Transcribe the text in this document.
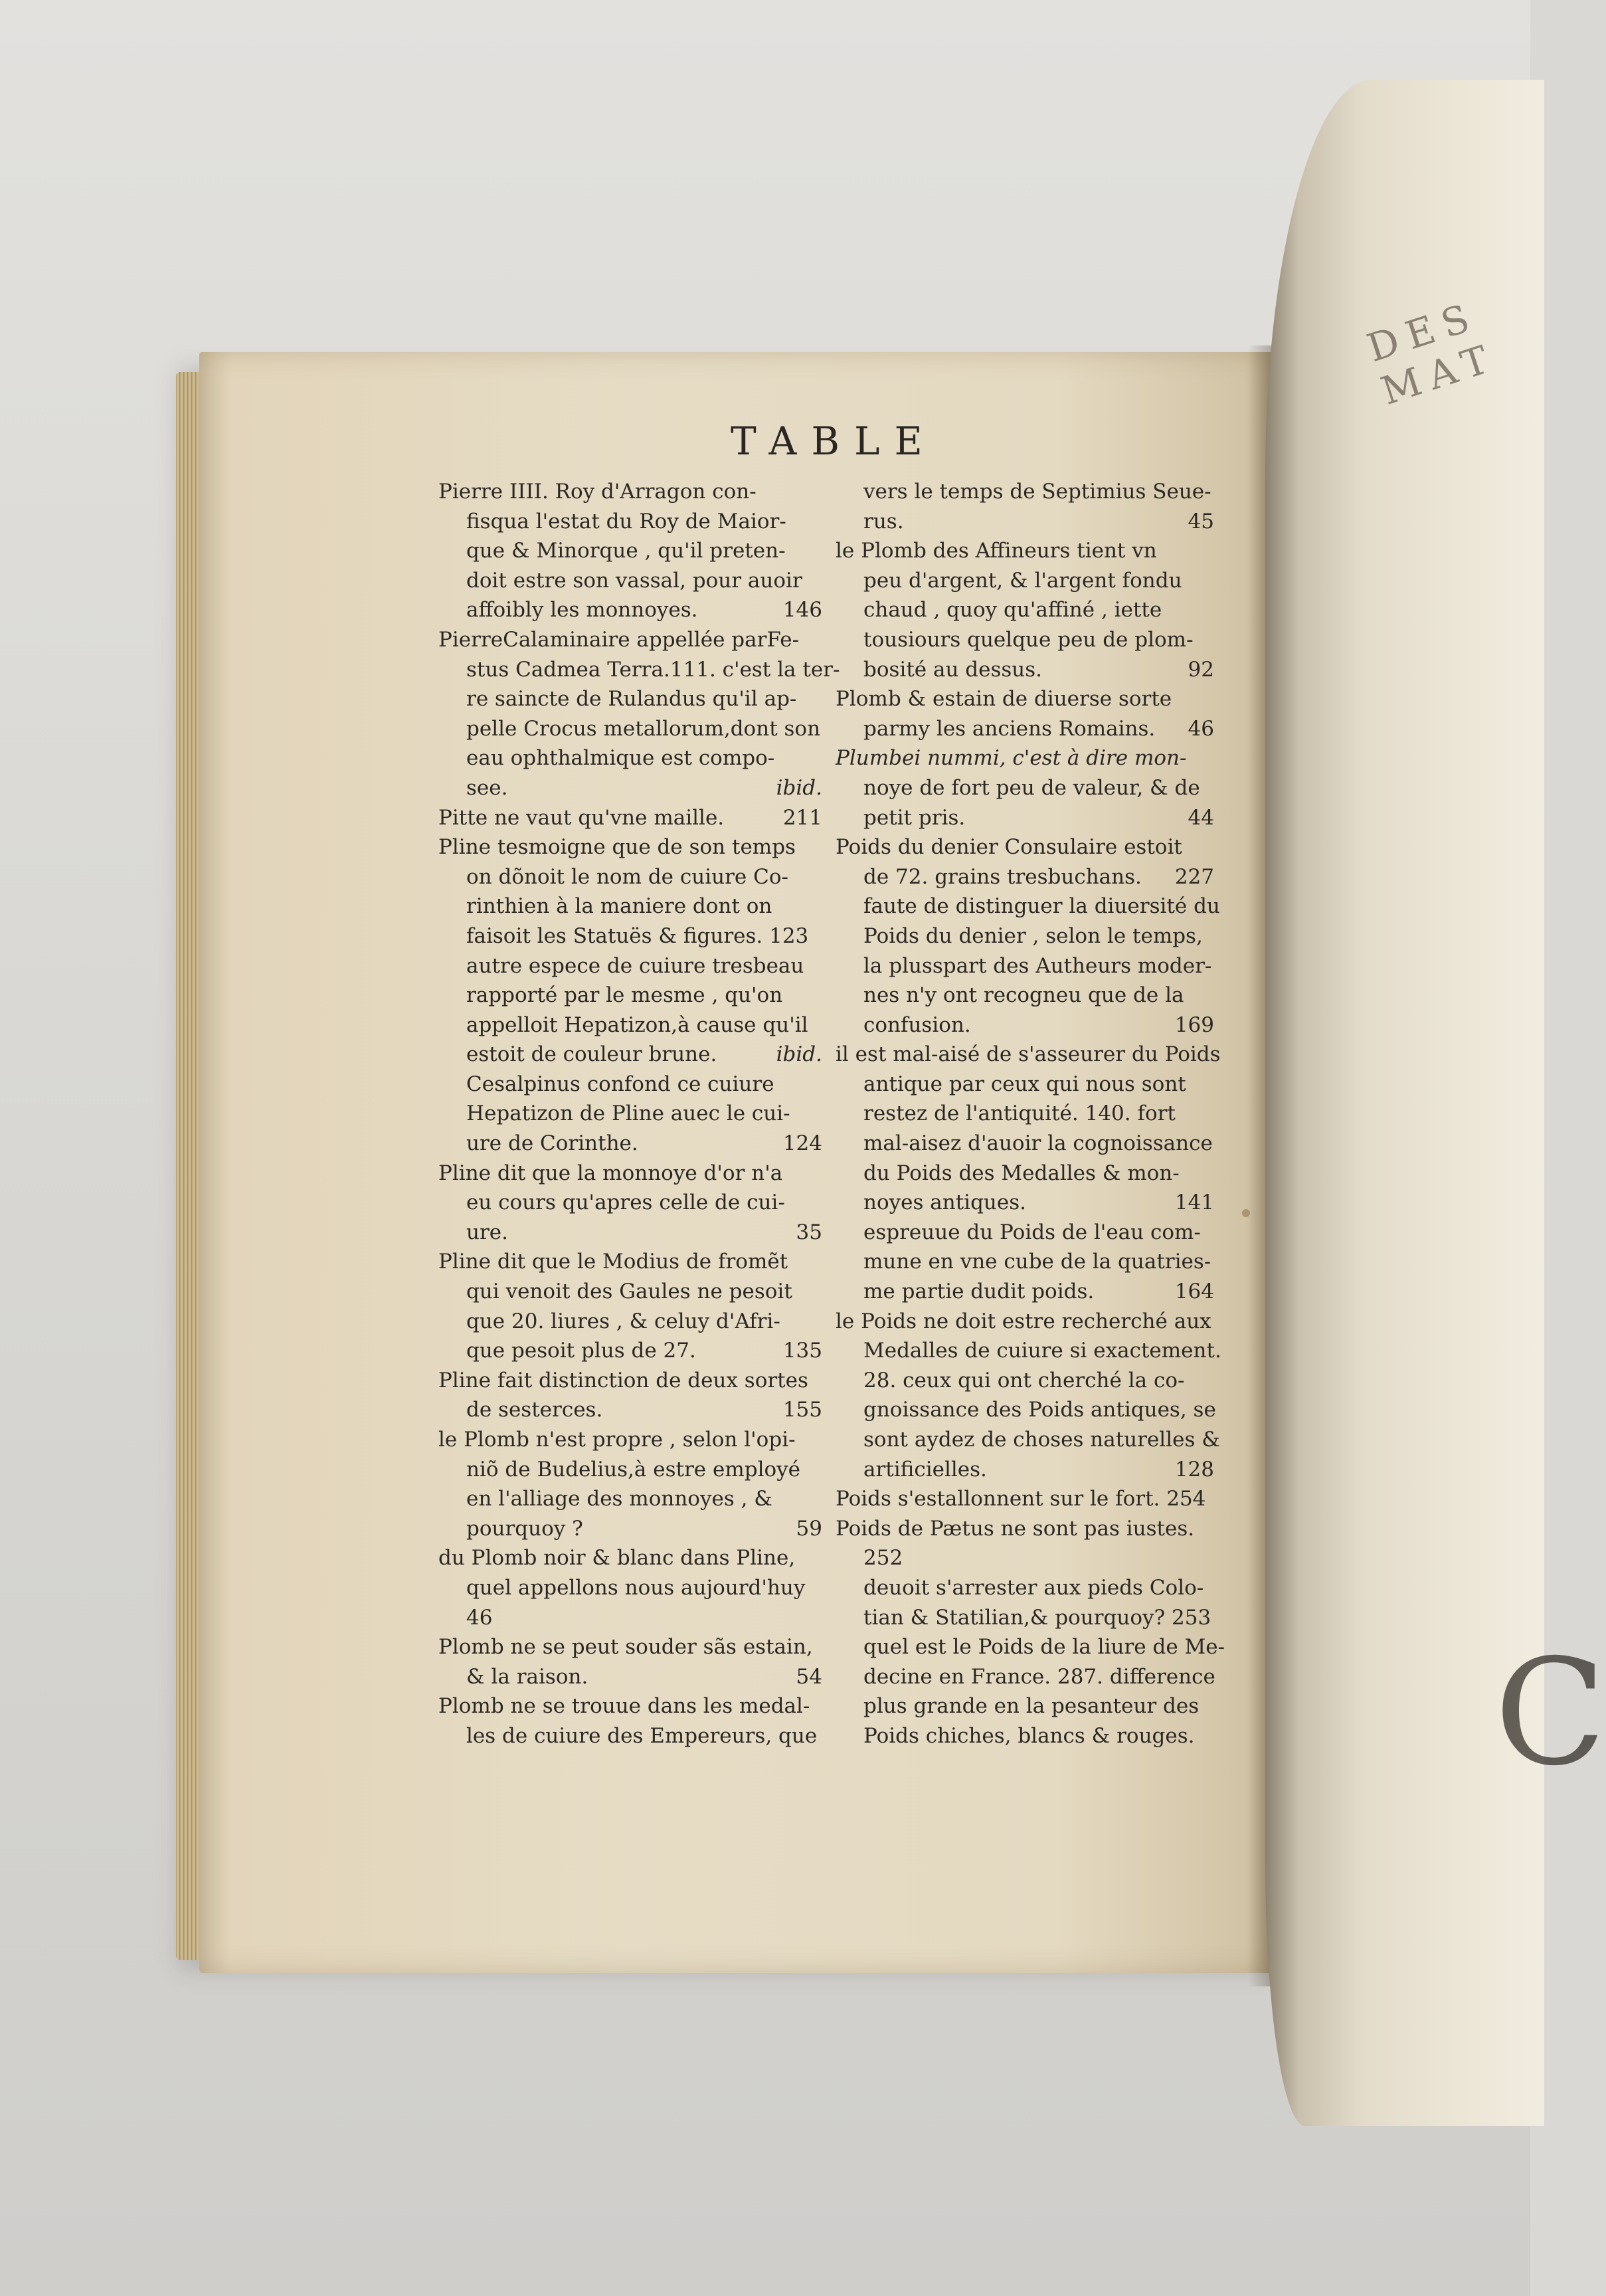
DES MAT
C
TABLE
Pierre IIII. Roy d'Arragon con-
fisqua l'estat du Roy de Maior-
que & Minorque , qu'il preten-
doit estre son vassal, pour auoir
affoibly les monnoyes.	146
PierreCalaminaire appellée parFe-
stus Cadmea Terra.111. c'est la ter-
re saincte de Rulandus qu'il ap-
pelle Crocus metallorum,dont son
eau ophthalmique est compo-
see.	ibid.
Pitte ne vaut qu'vne maille.	211
Pline tesmoigne que de son temps
on dõnoit le nom de cuiure Co-
rinthien à la maniere dont on
faisoit les Statuës & figures. 123
autre espece de cuiure tresbeau
rapporté par le mesme , qu'on
appelloit Hepatizon,à cause qu'il
estoit de couleur brune.	ibid.
Cesalpinus confond ce cuiure
Hepatizon de Pline auec le cui-
ure de Corinthe.	124
Pline dit que la monnoye d'or n'a
eu cours qu'apres celle de cui-
ure.	35
Pline dit que le Modius de fromẽt
qui venoit des Gaules ne pesoit
que 20. liures , & celuy d'Afri-
que pesoit plus de 27.	135
Pline fait distinction de deux sortes
de sesterces.	155
le Plomb n'est propre , selon l'opi-
niõ de Budelius,à estre employé
en l'alliage des monnoyes , &
pourquoy ?	59
du Plomb noir & blanc dans Pline,
quel appellons nous aujourd'huy
46
Plomb ne se peut souder sãs estain,
& la raison.	54
Plomb ne se trouue dans les medal-
les de cuiure des Empereurs, que
vers le temps de Septimius Seue-
rus.	45
le Plomb des Affineurs tient vn
peu d'argent, & l'argent fondu
chaud , quoy qu'affiné , iette
tousiours quelque peu de plom-
bosité au dessus.	92
Plomb & estain de diuerse sorte
parmy les anciens Romains. 46
Plumbei nummi, c'est à dire mon-
noye de fort peu de valeur, & de
petit pris.	44
Poids du denier Consulaire estoit
de 72. grains tresbuchans. 227
faute de distinguer la diuersité du
Poids du denier , selon le temps,
la plusspart des Autheurs moder-
nes n'y ont recogneu que de la
confusion.	169
il est mal-aisé de s'asseurer du Poids
antique par ceux qui nous sont
restez de l'antiquité. 140. fort
mal-aisez d'auoir la cognoissance
du Poids des Medalles & mon-
noyes antiques.	141
espreuue du Poids de l'eau com-
mune en vne cube de la quatries-
me partie dudit poids.	164
le Poids ne doit estre recherché aux
Medalles de cuiure si exactement.
28. ceux qui ont cherché la co-
gnoissance des Poids antiques, se
sont aydez de choses naturelles &
artificielles.	128
Poids s'estallonnent sur le fort. 254
Poids de Pætus ne sont pas iustes.
252
deuoit s'arrester aux pieds Colo-
tian & Statilian,& pourquoy? 253
quel est le Poids de la liure de Me-
decine en France. 287. difference
plus grande en la pesanteur des
Poids chiches, blancs & rouges.
